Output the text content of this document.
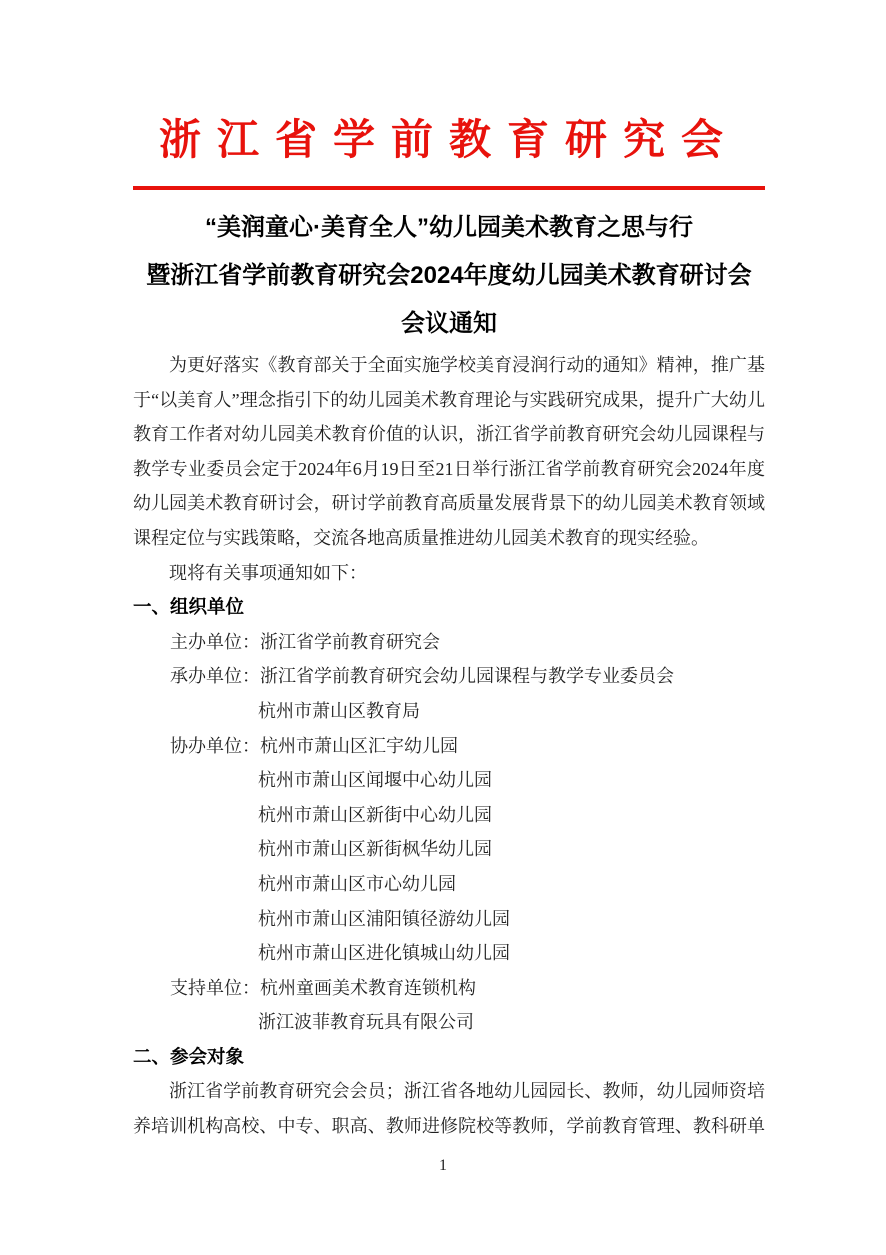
浙江省学前教育研究会
“美润童心·美育全人”幼儿园美术教育之思与行
暨浙江省学前教育研究会2024年度幼儿园美术教育研讨会
会议通知

为更好落实《教育部关于全面实施学校美育浸润行动的通知》精神，推广基于“以美育人”理念指引下的幼儿园美术教育理论与实践研究成果，提升广大幼儿教育工作者对幼儿园美术教育价值的认识，浙江省学前教育研究会幼儿园课程与教学专业委员会定于2024年6月19日至21日举行浙江省学前教育研究会2024年度幼儿园美术教育研讨会，研讨学前教育高质量发展背景下的幼儿园美术教育领域课程定位与实践策略，交流各地高质量推进幼儿园美术教育的现实经验。

现将有关事项通知如下：

一、组织单位
主办单位： 浙江省学前教育研究会
承办单位： 浙江省学前教育研究会幼儿园课程与教学专业委员会
杭州市萧山区教育局
协办单位： 杭州市萧山区汇宇幼儿园
杭州市萧山区闻堰中心幼儿园
杭州市萧山区新街中心幼儿园
杭州市萧山区新街枫华幼儿园
杭州市萧山区市心幼儿园
杭州市萧山区浦阳镇径游幼儿园
杭州市萧山区进化镇城山幼儿园
支持单位： 杭州童画美术教育连锁机构
浙江波菲教育玩具有限公司
二、参会对象

浙江省学前教育研究会会员；浙江省各地幼儿园园长、教师，幼儿园师资培养培训机构高校、中专、职高、教师进修院校等教师，学前教育管理、教科研单

1
